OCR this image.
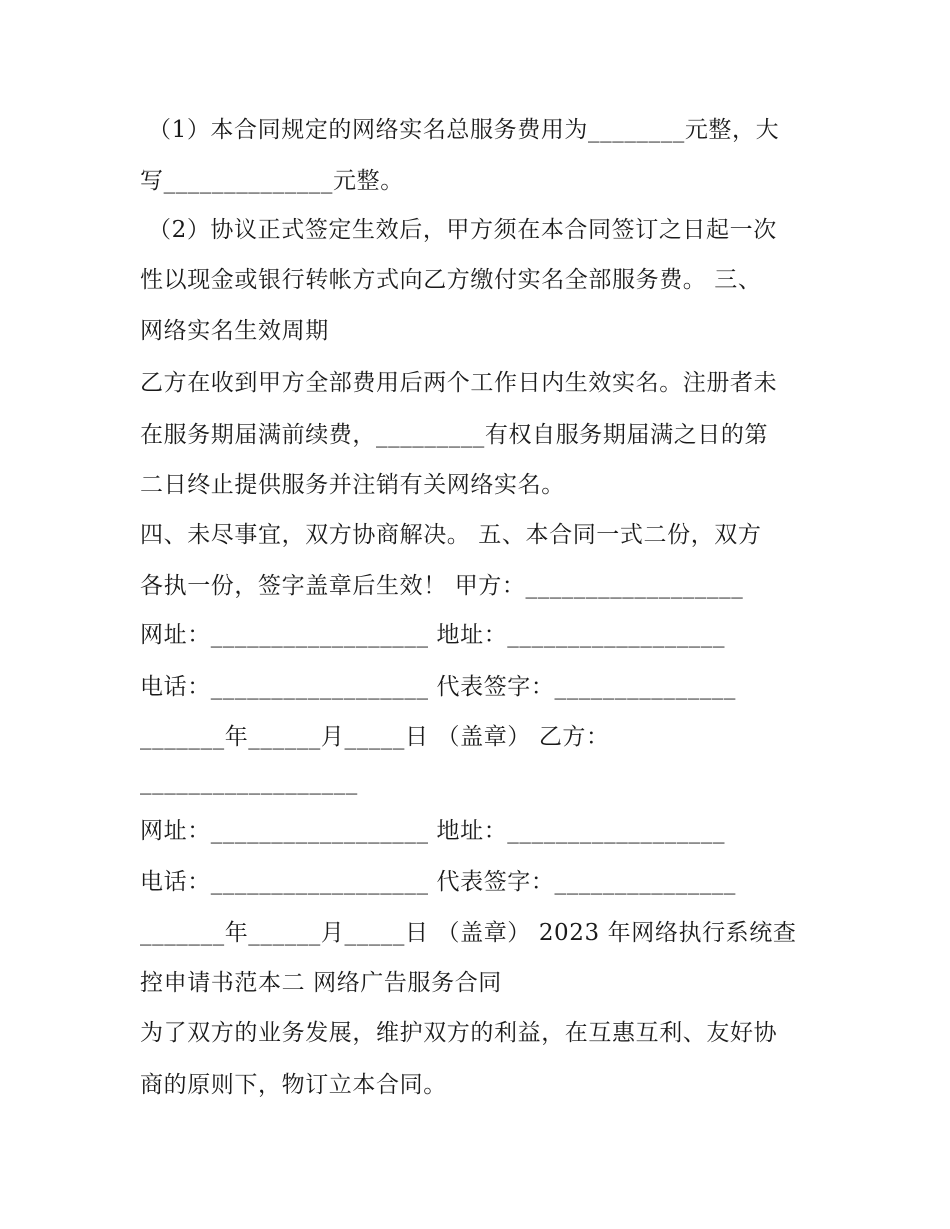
（1）本合同规定的网络实名总服务费用为________元整，大
写______________元整。
（2）协议正式签定生效后，甲方须在本合同签订之日起一次
性以现金或银行转帐方式向乙方缴付实名全部服务费。 三、
网络实名生效周期
乙方在收到甲方全部费用后两个工作日内生效实名。注册者未
在服务期届满前续费，_________有权自服务期届满之日的第
二日终止提供服务并注销有关网络实名。
四、未尽事宜，双方协商解决。 五、本合同一式二份，双方
各执一份，签字盖章后生效！ 甲方：__________________
网址：__________________ 地址：__________________
电话：__________________ 代表签字：_______________
_______年______月_____日 （盖章） 乙方：
__________________
网址：__________________ 地址：__________________
电话：__________________ 代表签字：_______________
_______年______月_____日 （盖章） 2023 年网络执行系统查
控申请书范本二 网络广告服务合同
为了双方的业务发展，维护双方的利益，在互惠互利、友好协
商的原则下，物订立本合同。
